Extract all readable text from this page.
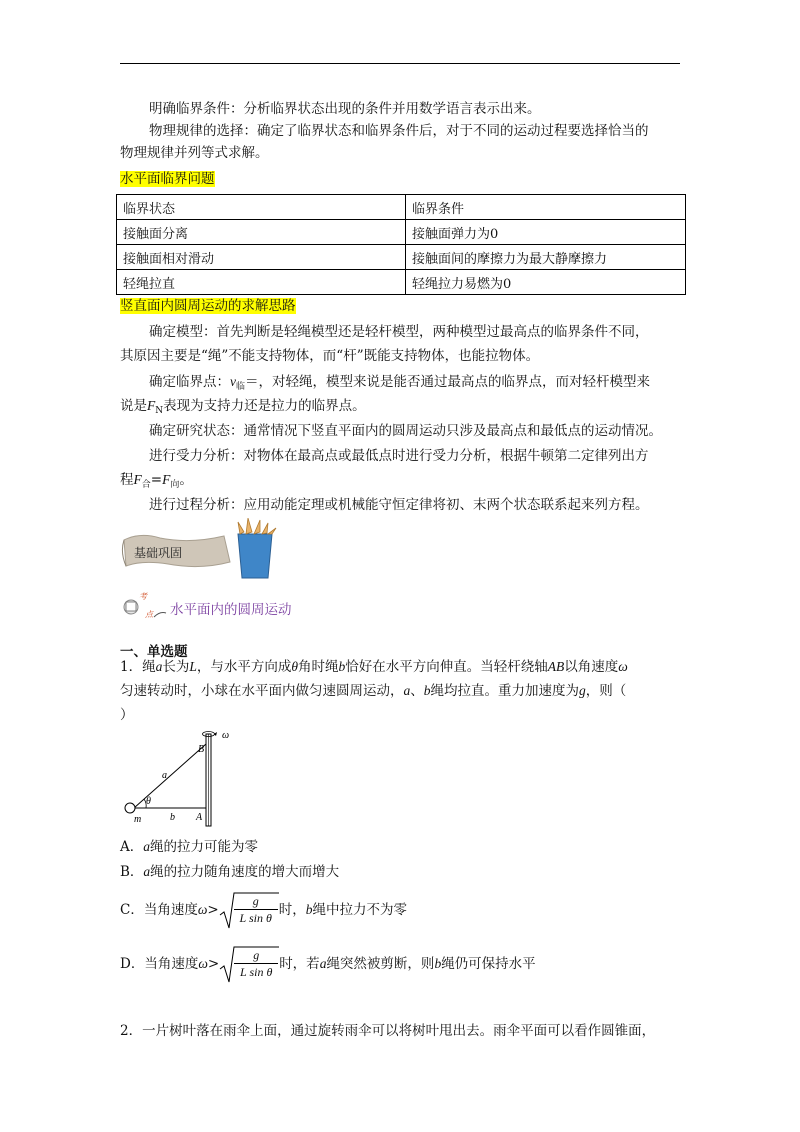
明确临界条件：分析临界状态出现的条件并用数学语言表示出来。
物理规律的选择：确定了临界状态和临界条件后，对于不同的运动过程要选择恰当的
物理规律并列等式求解。
水平面临界问题
临界状态	临界条件
接触面分离	接触面弹力为0
接触面相对滑动	接触面间的摩擦力为最大静摩擦力
轻绳拉直	轻绳拉力易燃为0
竖直面内圆周运动的求解思路
确定模型：首先判断是轻绳模型还是轻杆模型，两种模型过最高点的临界条件不同，
其原因主要是“绳”不能支持物体，而“杆”既能支持物体，也能拉物体。
确定临界点：$v_临=$，对轻绳，模型来说是能否通过最高点的临界点，而对轻杆模型来
说是$F_N$表现为支持力还是拉力的临界点。
确定研究状态：通常情况下竖直平面内的圆周运动只涉及最高点和最低点的运动情况。
进行受力分析：对物体在最高点或最低点时进行受力分析，根据牛顿第二定律列出方
程$F_合=F_向$。
进行过程分析：应用动能定理或机械能守恒定律将初、末两个状态联系起来列方程。
基础巩固
考
点 水平面内的圆周运动
一、单选题
1．绳a长为L，与水平方向成θ角时绳b恰好在水平方向伸直。当轻杆绕轴AB以角速度ω
匀速转动时，小球在水平面内做匀速圆周运动，a、b绳均拉直。重力加速度为g，则（
）
B
ω
a
θ
m	b A
A．a绳的拉力可能为零
B．a绳的拉力随角速度的增大而增大
C．当角速度$\omega> \frac{g}{\text{L sin θ}}$ 时，b绳中拉力不为零
D．当角速度$\omega> \frac{g}{\text{L sin θ}}$ 时，若a绳突然被剪断，则b绳仍可保持水平
2．一片树叶落在雨伞上面，通过旋转雨伞可以将树叶甩出去。雨伞平面可以看作圆锥面，
